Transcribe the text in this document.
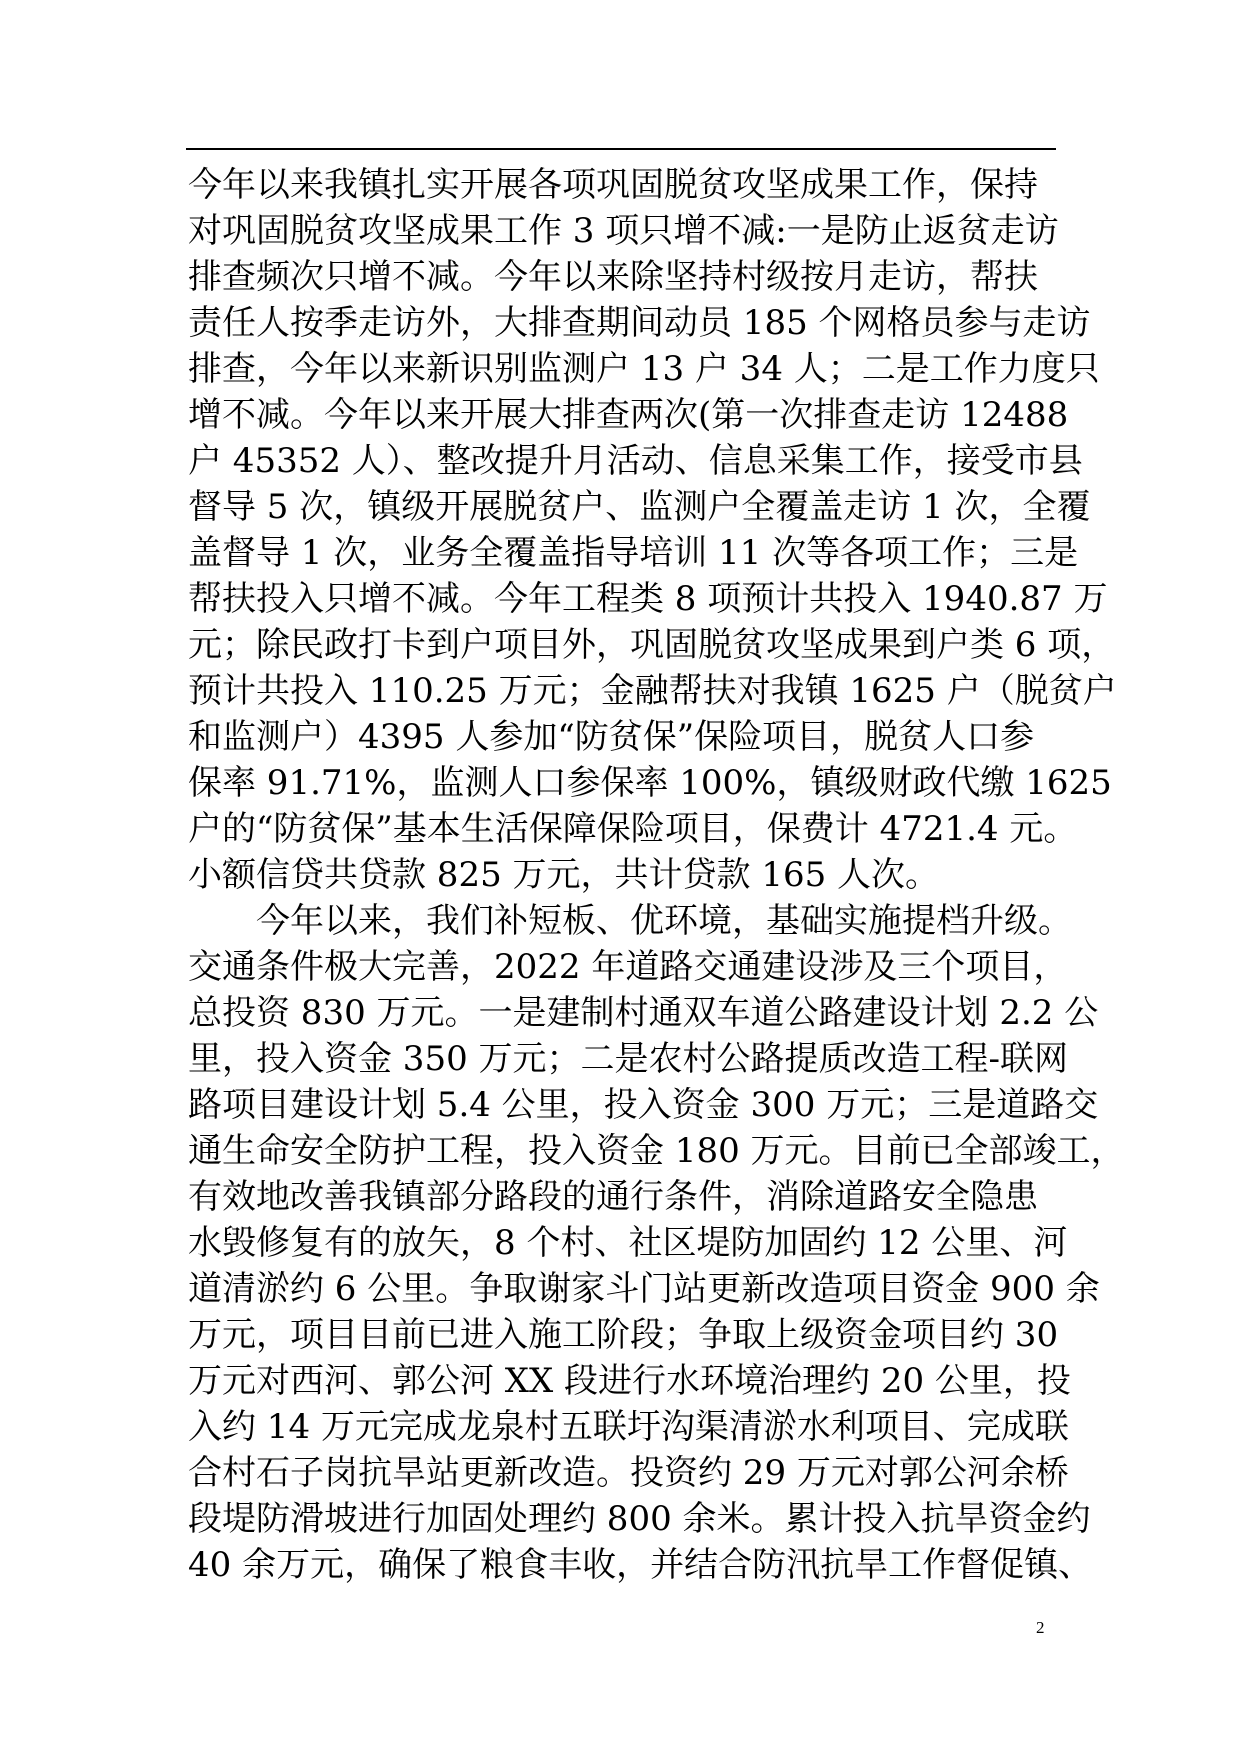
今年以来我镇扎实开展各项巩固脱贫攻坚成果工作，保持
对巩固脱贫攻坚成果工作 3 项只增不减:一是防止返贫走访
排查频次只增不减。今年以来除坚持村级按月走访，帮扶
责任人按季走访外，大排查期间动员 185 个网格员参与走访
排查，今年以来新识别监测户 13 户 34 人；二是工作力度只
增不减。今年以来开展大排查两次(第一次排查走访 12488
户 45352 人）、整改提升月活动、信息采集工作，接受市县
督导 5 次，镇级开展脱贫户、监测户全覆盖走访 1 次，全覆
盖督导 1 次，业务全覆盖指导培训 11 次等各项工作；三是
帮扶投入只增不减。今年工程类 8 项预计共投入 1940.87 万
元；除民政打卡到户项目外，巩固脱贫攻坚成果到户类 6 项，
预计共投入 110.25 万元；金融帮扶对我镇 1625 户（脱贫户
和监测户）4395 人参加“防贫保”保险项目，脱贫人口参
保率 91.71%，监测人口参保率 100%，镇级财政代缴 1625
户的“防贫保”基本生活保障保险项目，保费计 4721.4 元。
小额信贷共贷款 825 万元，共计贷款 165 人次。
今年以来，我们补短板、优环境，基础实施提档升级。
交通条件极大完善，2022 年道路交通建设涉及三个项目，
总投资 830 万元。一是建制村通双车道公路建设计划 2.2 公
里，投入资金 350 万元；二是农村公路提质改造工程-联网
路项目建设计划 5.4 公里，投入资金 300 万元；三是道路交
通生命安全防护工程，投入资金 180 万元。目前已全部竣工，
有效地改善我镇部分路段的通行条件，消除道路安全隐患
水毁修复有的放矢，8 个村、社区堤防加固约 12 公里、河
道清淤约 6 公里。争取谢家斗门站更新改造项目资金 900 余
万元，项目目前已进入施工阶段；争取上级资金项目约 30
万元对西河、郭公河 XX 段进行水环境治理约 20 公里，投
入约 14 万元完成龙泉村五联圩沟渠清淤水利项目、完成联
合村石子岗抗旱站更新改造。投资约 29 万元对郭公河余桥
段堤防滑坡进行加固处理约 800 余米。累计投入抗旱资金约
40 余万元，确保了粮食丰收，并结合防汛抗旱工作督促镇、
2
